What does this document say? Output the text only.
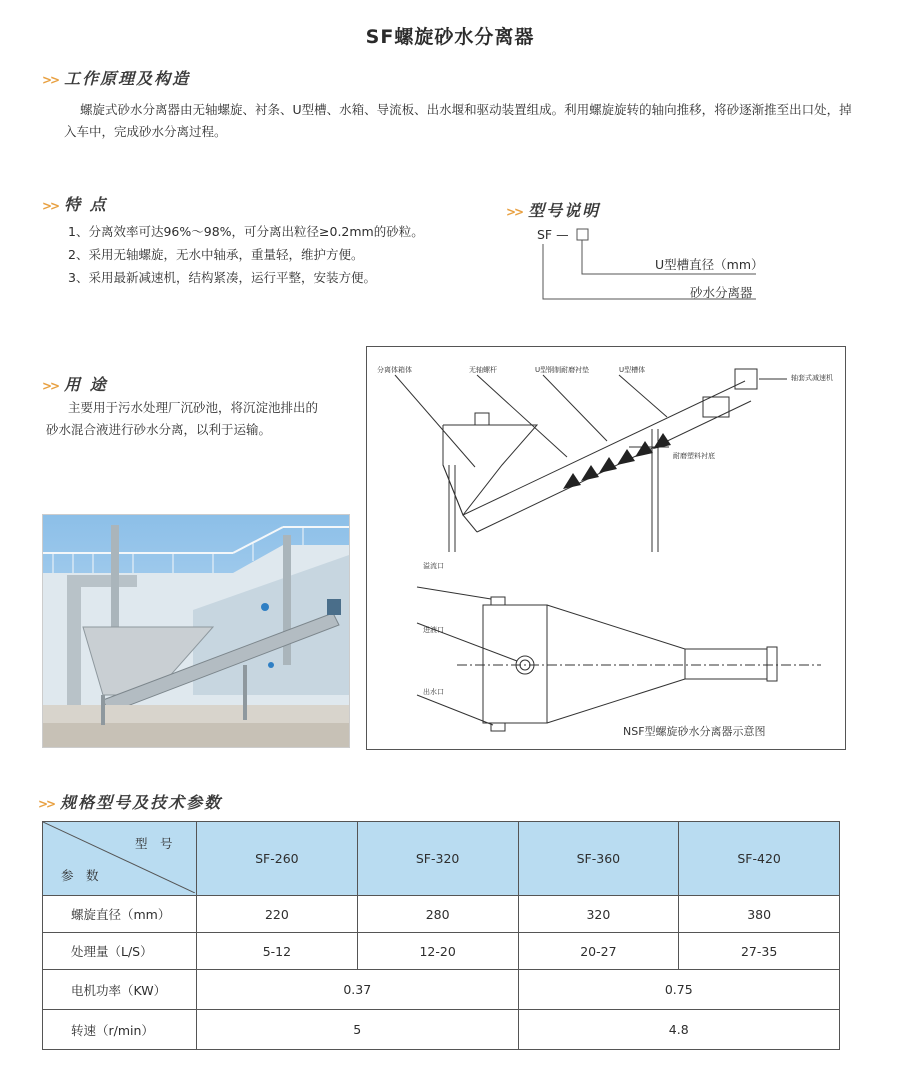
SF螺旋砂水分离器
>> 工作原理及构造
螺旋式砂水分离器由无轴螺旋、衬条、U型槽、水箱、导流板、出水堰和驱动装置组成。利用螺旋旋转的轴向推移，将砂逐渐推至出口处，掉
入车中，完成砂水分离过程。
>> 特 点
1、分离效率可达96%～98%，可分离出粒径≥0.2mm的砂粒。
2、采用无轴螺旋，无水中轴承，重量轻，维护方便。
3、采用最新减速机，结构紧凑，运行平整，安装方便。
>> 型号说明
SF —
U型槽直径（mm）
砂水分离器
>> 用 途
主要用于污水处理厂沉砂池，将沉淀池排出的
砂水混合液进行砂水分离，以利于运输。
分离体箱体	无轴螺杆	U型钢制耐磨衬垫	U型槽体
轴套式减速机
耐磨塑料衬底
溢流口
进液口
出水口
NSF型螺旋砂水分离器示意图
>> 规格型号及技术参数
型　号
参　数	SF-260	SF-320	SF-360	SF-420
螺旋直径（mm）	220	280	320	380
处理量（L/S）	5-12	12-20	20-27	27-35
电机功率（KW）	0.37		0.75	
转速（r/min）	5		4.8	
